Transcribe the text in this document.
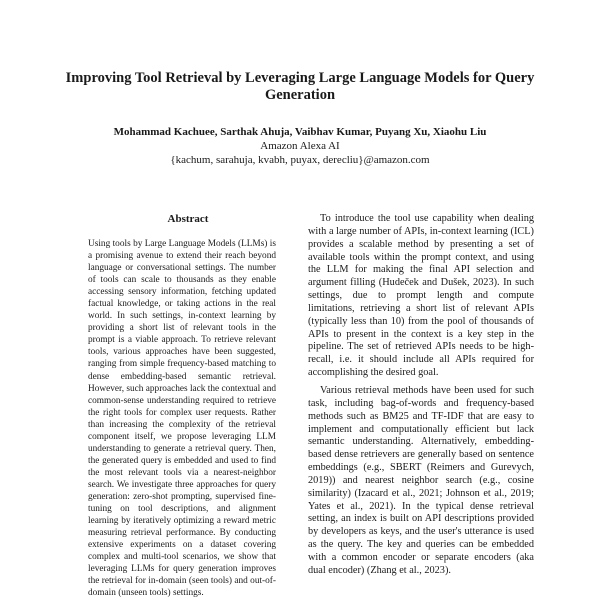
Improving Tool Retrieval by Leveraging Large Language Models for Query Generation
Mohammad Kachuee, Sarthak Ahuja, Vaibhav Kumar, Puyang Xu, Xiaohu Liu
Amazon Alexa AI
{kachum, sarahuja, kvabh, puyax, derecliu}@amazon.com
Abstract
Using tools by Large Language Models (LLMs) is a promising avenue to extend their reach beyond language or conversational settings. The number of tools can scale to thousands as they enable accessing sensory information, fetching updated factual knowledge, or taking actions in the real world. In such settings, in-context learning by providing a short list of relevant tools in the prompt is a viable approach. To retrieve relevant tools, various approaches have been suggested, ranging from simple frequency-based matching to dense embedding-based semantic retrieval. However, such approaches lack the contextual and common-sense understanding required to retrieve the right tools for complex user requests. Rather than increasing the complexity of the retrieval component itself, we propose leveraging LLM understanding to generate a retrieval query. Then, the generated query is embedded and used to find the most relevant tools via a nearest-neighbor search. We investigate three approaches for query generation: zero-shot prompting, supervised fine-tuning on tool descriptions, and alignment learning by iteratively optimizing a reward metric measuring retrieval performance. By conducting extensive experiments on a dataset covering complex and multi-tool scenarios, we show that leveraging LLMs for query generation improves the retrieval for in-domain (seen tools) and out-of-domain (unseen tools) settings.

To introduce the tool use capability when dealing with a large number of APIs, in-context learning (ICL) provides a scalable method by presenting a set of available tools within the prompt context, and using the LLM for making the final API selection and argument filling (Hudeček and Dušek, 2023). In such settings, due to prompt length and compute limitations, retrieving a short list of relevant APIs (typically less than 10) from the pool of thousands of APIs to present in the context is a key step in the pipeline. The set of retrieved APIs needs to be high-recall, i.e. it should include all APIs required for accomplishing the desired goal.

Various retrieval methods have been used for such task, including bag-of-words and frequency-based methods such as BM25 and TF-IDF that are easy to implement and computationally efficient but lack semantic understanding. Alternatively, embedding-based dense retrievers are generally based on sentence embeddings (e.g., SBERT (Reimers and Gurevych, 2019)) and nearest neighbor search (e.g., cosine similarity) (Izacard et al., 2021; Johnson et al., 2019; Yates et al., 2021). In the typical dense retrieval setting, an index is built on API descriptions provided by developers as keys, and the user's utterance is used as the query. The key and queries can be embedded with a common encoder or separate encoders (aka dual encoder) (Zhang et al., 2023).
